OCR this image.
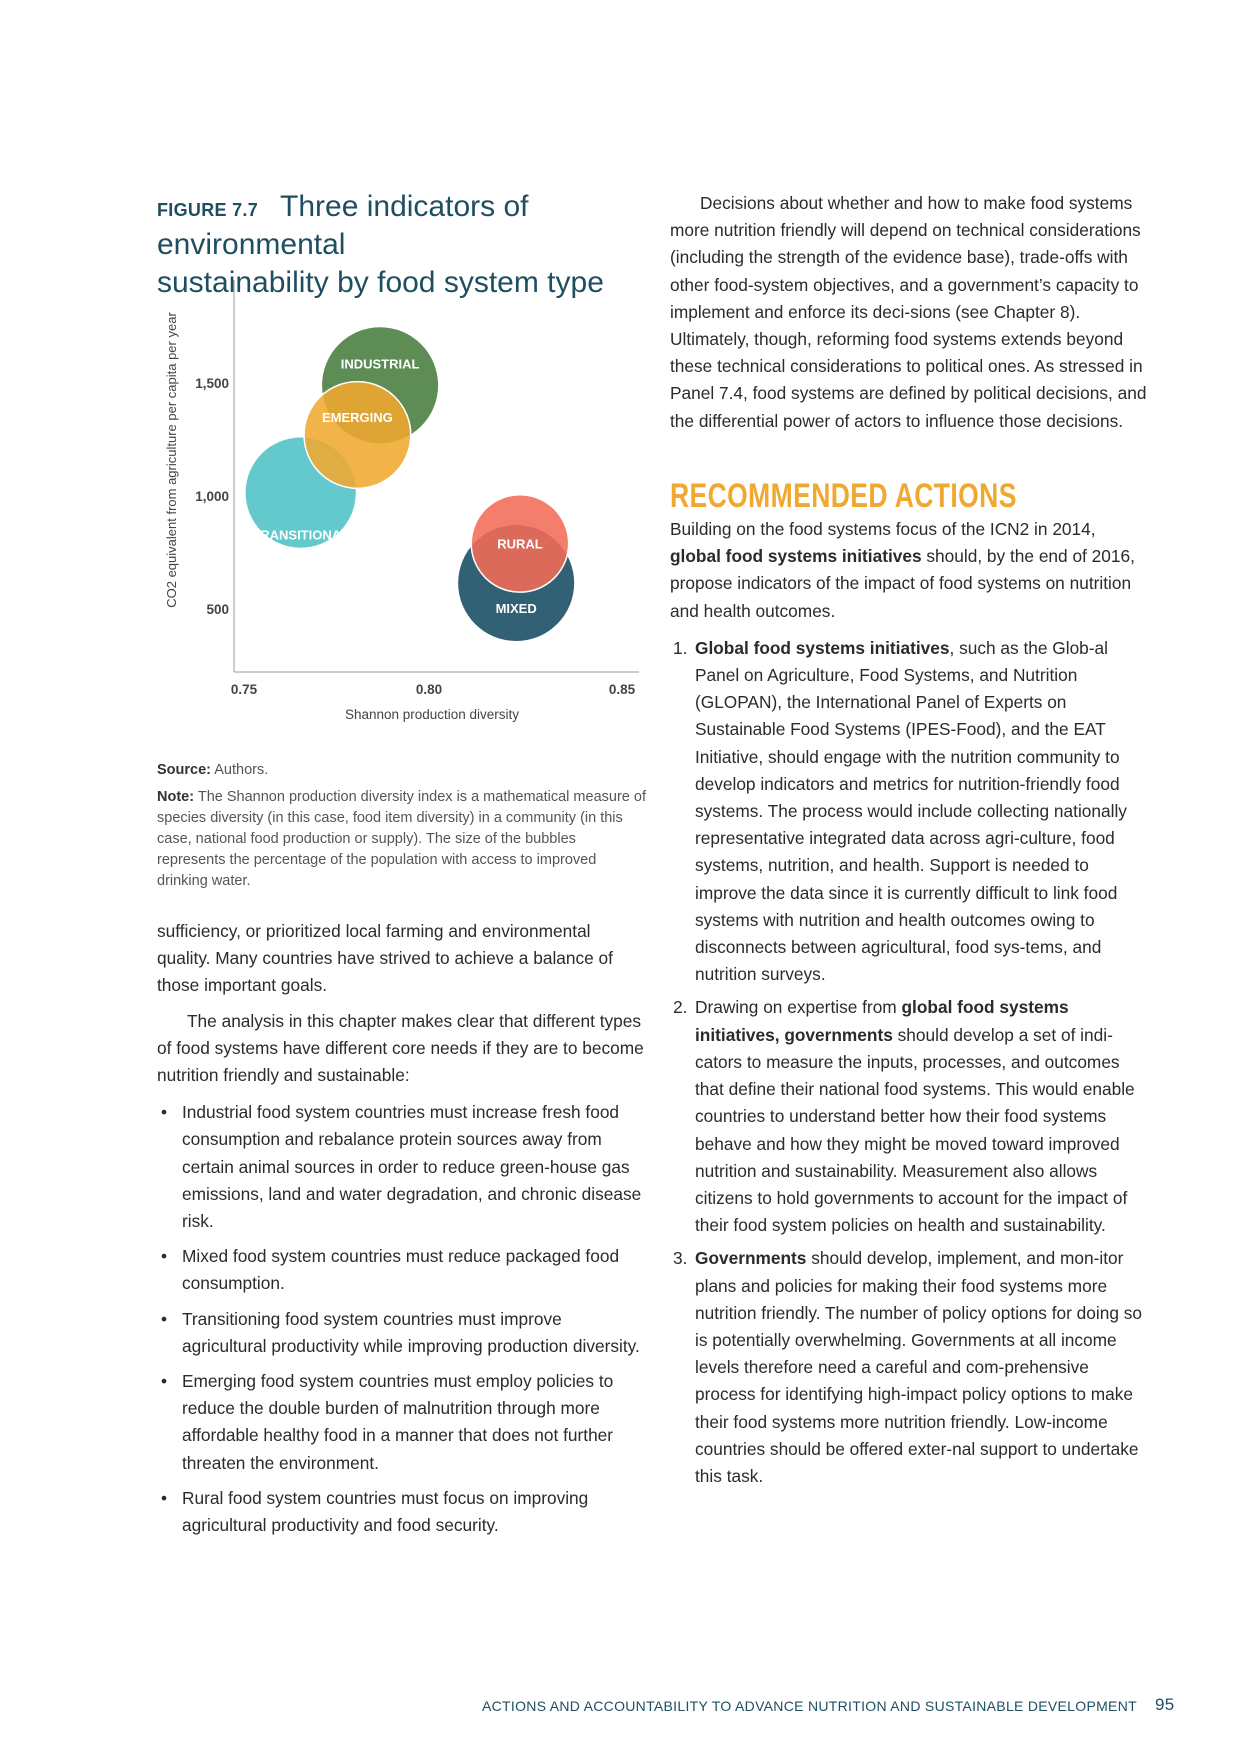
FIGURE 7.7 Three indicators of environmental
sustainability by food system type
1,500
1,000
500
0.75	0.80	0.85
Shannon production diversity
CO2 equivalent from agriculture per capita per year	INDUSTRIAL
TRANSITIONAL
EMERGING
MIXED
RURAL
Source: Authors.
Note: The Shannon production diversity index is a mathematical measure of species diversity (in this case, food item diversity) in a community (in this case, national food production or supply). The size of the bubbles represents the percentage of the population with access to improved drinking water.

sufficiency, or prioritized local farming and environmental quality. Many countries have strived to achieve a balance of those important goals.

The analysis in this chapter makes clear that different types of food systems have different core needs if they are to become nutrition friendly and sustainable:

• Industrial food system countries must increase fresh food consumption and rebalance protein sources away from certain animal sources in order to reduce green-house gas emissions, land and water degradation, and chronic disease risk.
• Mixed food system countries must reduce packaged food consumption.
• Transitioning food system countries must improve agricultural productivity while improving production diversity.
• Emerging food system countries must employ policies to reduce the double burden of malnutrition through more affordable healthy food in a manner that does not further threaten the environment.
• Rural food system countries must focus on improving agricultural productivity and food security.

Decisions about whether and how to make food systems more nutrition friendly will depend on technical considerations (including the strength of the evidence base), trade-offs with other food-system objectives, and a government’s capacity to implement and enforce its deci-sions (see Chapter 8). Ultimately, though, reforming food systems extends beyond these technical considerations to political ones. As stressed in Panel 7.4, food systems are defined by political decisions, and the differential power of actors to influence those decisions.

RECOMMENDED ACTIONS

Building on the food systems focus of the ICN2 in 2014, global food systems initiatives should, by the end of 2016, propose indicators of the impact of food systems on nutrition and health outcomes.

1. Global food systems initiatives, such as the Glob-al Panel on Agriculture, Food Systems, and Nutrition (GLOPAN), the International Panel of Experts on Sustainable Food Systems (IPES-Food), and the EAT Initiative, should engage with the nutrition community to develop indicators and metrics for nutrition-friendly food systems. The process would include collecting nationally representative integrated data across agri-culture, food systems, nutrition, and health. Support is needed to improve the data since it is currently difficult to link food systems with nutrition and health outcomes owing to disconnects between agricultural, food sys-tems, and nutrition surveys.
2. Drawing on expertise from global food systems initiatives, governments should develop a set of indi-cators to measure the inputs, processes, and outcomes that define their national food systems. This would enable countries to understand better how their food systems behave and how they might be moved toward improved nutrition and sustainability. Measurement also allows citizens to hold governments to account for the impact of their food system policies on health and sustainability.
3. Governments should develop, implement, and mon-itor plans and policies for making their food systems more nutrition friendly. The number of policy options for doing so is potentially overwhelming. Governments at all income levels therefore need a careful and com-prehensive process for identifying high-impact policy options to make their food systems more nutrition friendly. Low-income countries should be offered exter-nal support to undertake this task.
ACTIONS AND ACCOUNTABILITY TO ADVANCE NUTRITION AND SUSTAINABLE DEVELOPMENT 95
